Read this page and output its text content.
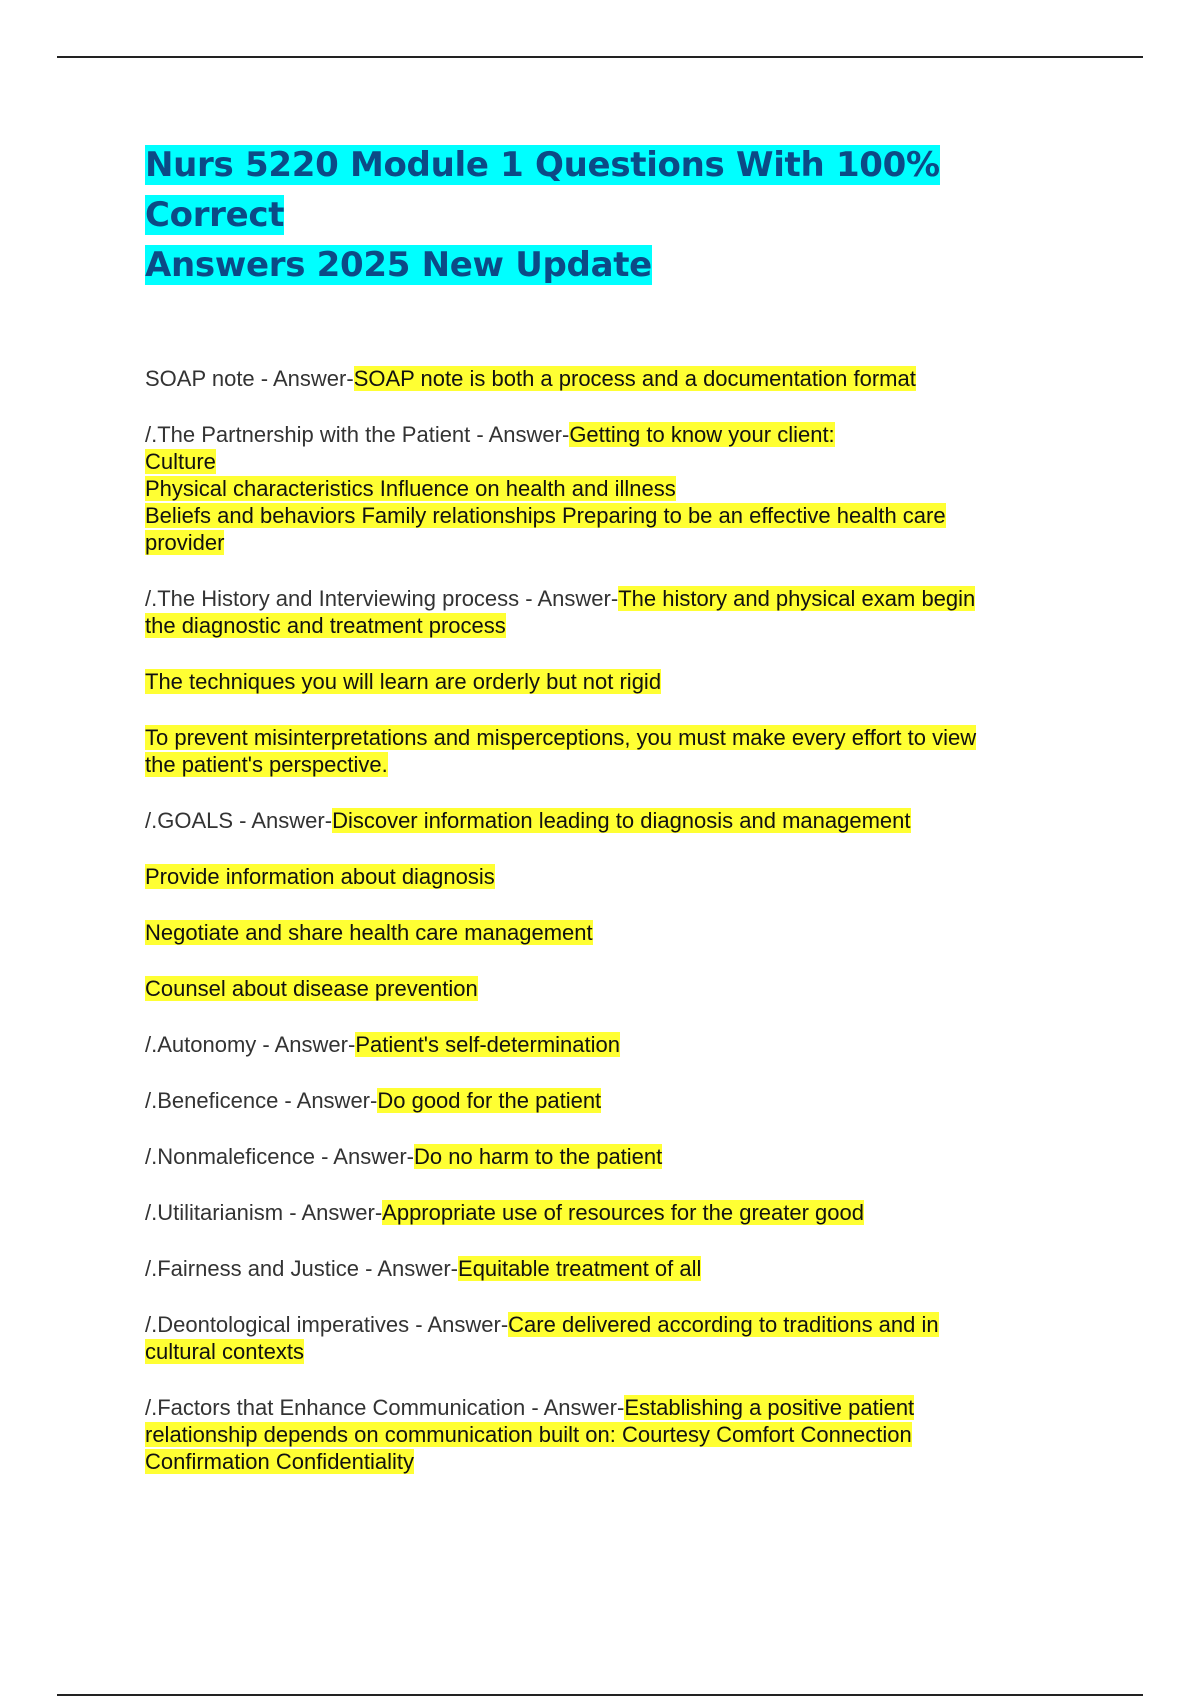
Nurs 5220 Module 1 Questions With 100% Correct
Answers 2025 New Update

SOAP note - Answer-SOAP note is both a process and a documentation format

/.The Partnership with the Patient - Answer-Getting to know your client:
Culture
Physical characteristics Influence on health and illness
Beliefs and behaviors Family relationships Preparing to be an effective health care
provider

/.The History and Interviewing process - Answer-The history and physical exam begin
the diagnostic and treatment process

The techniques you will learn are orderly but not rigid

To prevent misinterpretations and misperceptions, you must make every effort to view
the patient's perspective.

/.GOALS - Answer-Discover information leading to diagnosis and management

Provide information about diagnosis

Negotiate and share health care management

Counsel about disease prevention

/.Autonomy - Answer-Patient's self-determination

/.Beneficence - Answer-Do good for the patient

/.Nonmaleficence - Answer-Do no harm to the patient

/.Utilitarianism - Answer-Appropriate use of resources for the greater good

/.Fairness and Justice - Answer-Equitable treatment of all

/.Deontological imperatives - Answer-Care delivered according to traditions and in
cultural contexts

/.Factors that Enhance Communication - Answer-Establishing a positive patient
relationship depends on communication built on: Courtesy Comfort Connection
Confirmation Confidentiality
